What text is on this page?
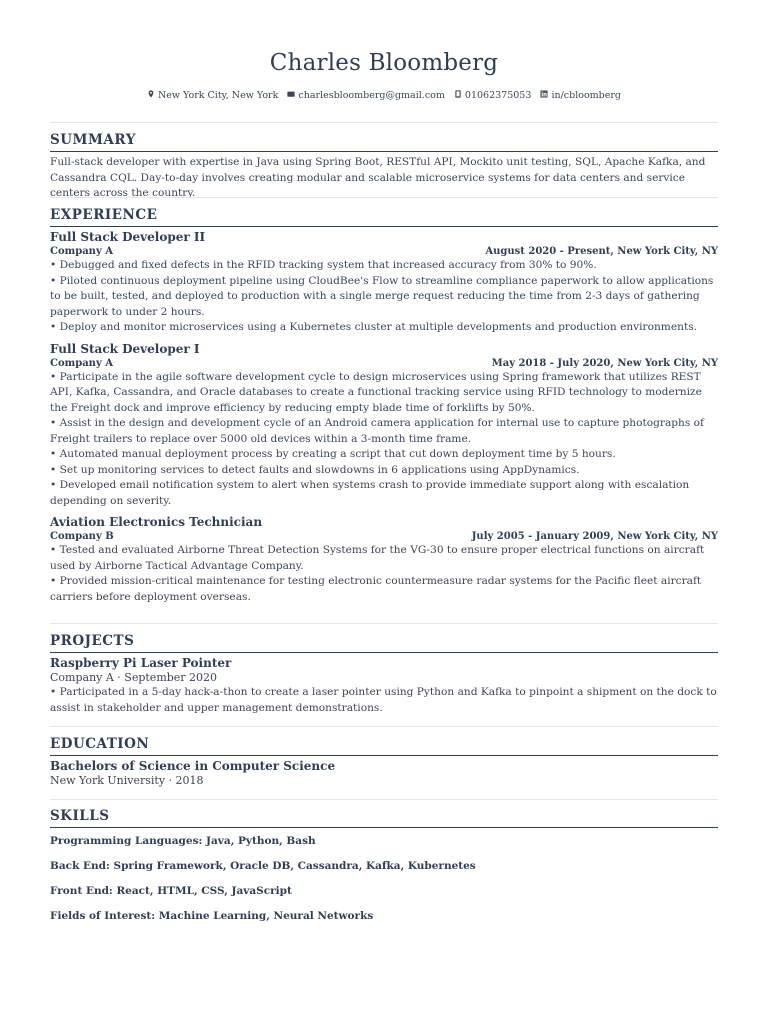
Charles Bloomberg
New York City, New York
charlesbloomberg@gmail.com
01062375053
in/cbloomberg
SUMMARY

Full-stack developer with expertise in Java using Spring Boot, RESTful API, Mockito unit testing, SQL, Apache Kafka, and Cassandra CQL. Day-to-day involves creating modular and scalable microservice systems for data centers and service centers across the country.

EXPERIENCE
Full Stack Developer II
Company A	August 2020 - Present, New York City, NY
• Debugged and fixed defects in the RFID tracking system that increased accuracy from 30% to 90%.
• Piloted continuous deployment pipeline using CloudBee's Flow to streamline compliance paperwork to allow applications to be built, tested, and deployed to production with a single merge request reducing the time from 2-3 days of gathering paperwork to under 2 hours.
• Deploy and monitor microservices using a Kubernetes cluster at multiple developments and production environments.
Full Stack Developer I
Company A	May 2018 - July 2020, New York City, NY
• Participate in the agile software development cycle to design microservices using Spring framework that utilizes REST API, Kafka, Cassandra, and Oracle databases to create a functional tracking service using RFID technology to modernize the Freight dock and improve efficiency by reducing empty blade time of forklifts by 50%.
• Assist in the design and development cycle of an Android camera application for internal use to capture photographs of Freight trailers to replace over 5000 old devices within a 3-month time frame.
• Automated manual deployment process by creating a script that cut down deployment time by 5 hours.
• Set up monitoring services to detect faults and slowdowns in 6 applications using AppDynamics.
• Developed email notification system to alert when systems crash to provide immediate support along with escalation depending on severity.
Aviation Electronics Technician
Company B	July 2005 - January 2009, New York City, NY
• Tested and evaluated Airborne Threat Detection Systems for the VG-30 to ensure proper electrical functions on aircraft used by Airborne Tactical Advantage Company.
• Provided mission-critical maintenance for testing electronic countermeasure radar systems for the Pacific fleet aircraft carriers before deployment overseas.
PROJECTS
Raspberry Pi Laser Pointer
Company A · September 2020
• Participated in a 5-day hack-a-thon to create a laser pointer using Python and Kafka to pinpoint a shipment on the dock to assist in stakeholder and upper management demonstrations.
EDUCATION
Bachelors of Science in Computer Science
New York University · 2018
SKILLS
Programming Languages: Java, Python, Bash
Back End: Spring Framework, Oracle DB, Cassandra, Kafka, Kubernetes
Front End: React, HTML, CSS, JavaScript
Fields of Interest: Machine Learning, Neural Networks
